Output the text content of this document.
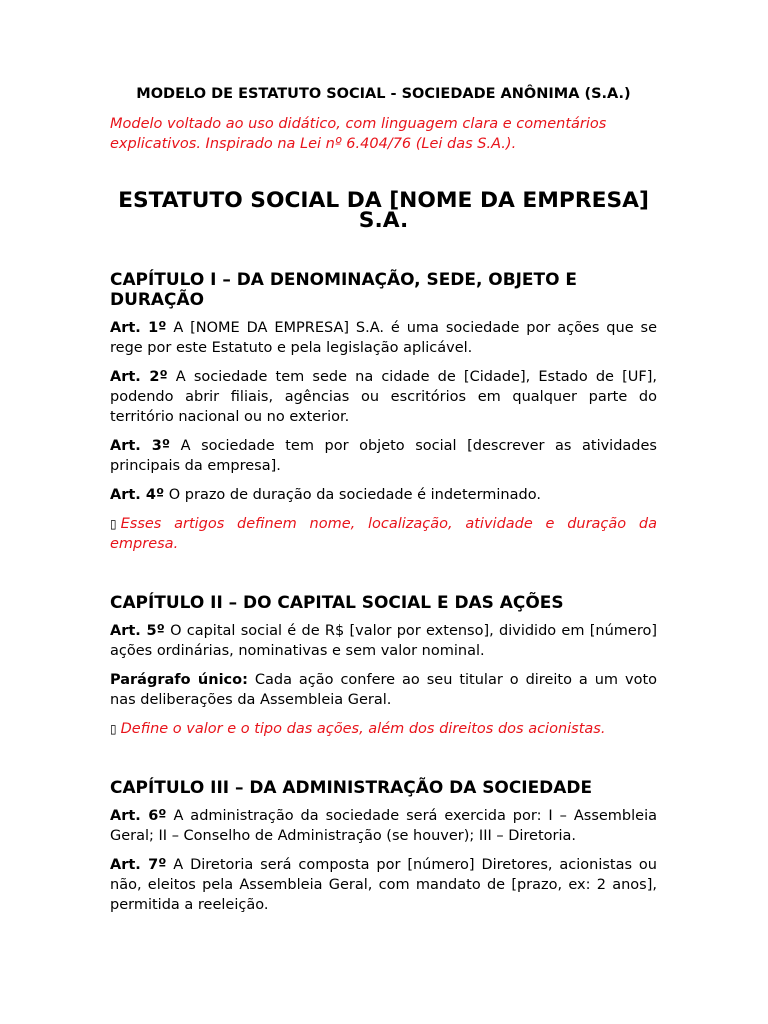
MODELO DE ESTATUTO SOCIAL - SOCIEDADE ANÔNIMA (S.A.)

Modelo voltado ao uso didático, com linguagem clara e comentários explicativos. Inspirado na Lei nº 6.404/76 (Lei das S.A.).

ESTATUTO SOCIAL DA [NOME DA EMPRESA] S.A.
CAPÍTULO I – DA DENOMINAÇÃO, SEDE, OBJETO E DURAÇÃO

Art. 1º A [NOME DA EMPRESA] S.A. é uma sociedade por ações que se rege por este Estatuto e pela legislação aplicável.

Art. 2º A sociedade tem sede na cidade de [Cidade], Estado de [UF], podendo abrir filiais, agências ou escritórios em qualquer parte do território nacional ou no exterior.

Art. 3º A sociedade tem por objeto social [descrever as atividades principais da empresa].

Art. 4º O prazo de duração da sociedade é indeterminado.

▯ Esses artigos definem nome, localização, atividade e duração da empresa.

CAPÍTULO II – DO CAPITAL SOCIAL E DAS AÇÕES

Art. 5º O capital social é de R$ [valor por extenso], dividido em [número] ações ordinárias, nominativas e sem valor nominal.

Parágrafo único: Cada ação confere ao seu titular o direito a um voto nas deliberações da Assembleia Geral.

▯ Define o valor e o tipo das ações, além dos direitos dos acionistas.

CAPÍTULO III – DA ADMINISTRAÇÃO DA SOCIEDADE

Art. 6º A administração da sociedade será exercida por: I – Assembleia Geral; II – Conselho de Administração (se houver); III – Diretoria.

Art. 7º A Diretoria será composta por [número] Diretores, acionistas ou não, eleitos pela Assembleia Geral, com mandato de [prazo, ex: 2 anos], permitida a reeleição.
